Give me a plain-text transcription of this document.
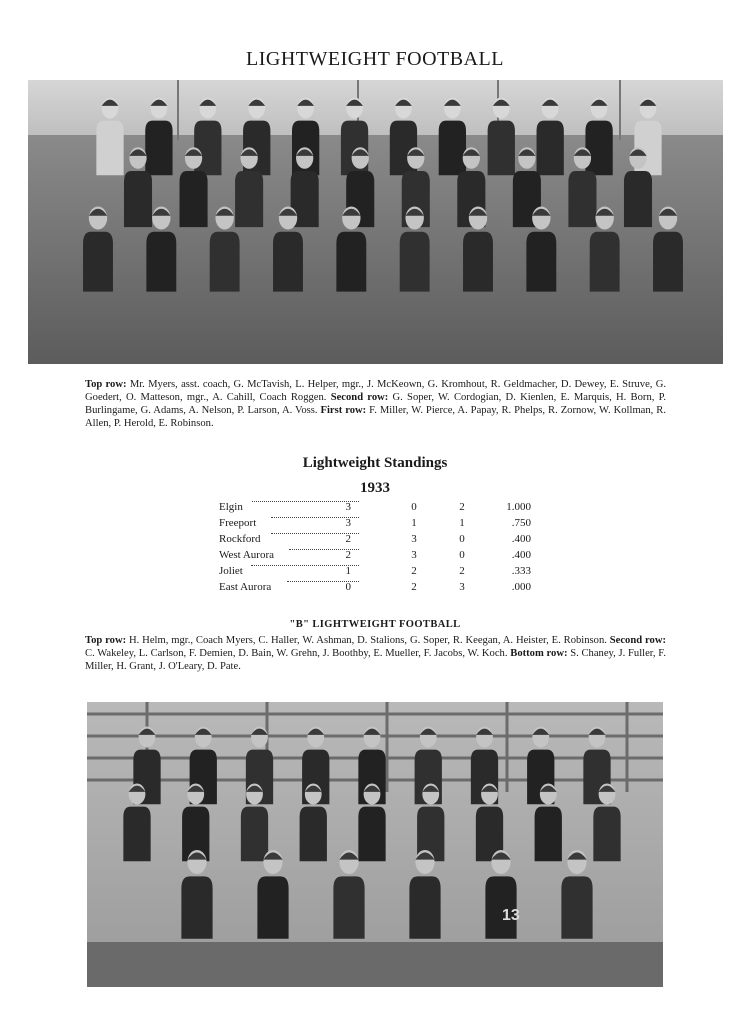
LIGHTWEIGHT FOOTBALL
Top row: Mr. Myers, asst. coach, G. McTavish, L. Helper, mgr., J. McKeown, G. Kromhout, R. Geldmacher, D. Dewey, E. Struve, G. Goedert, O. Matteson, mgr., A. Cahill, Coach Roggen. Second row: G. Soper, W. Cordogian, D. Kienlen, E. Marquis, H. Born, P. Burlingame, G. Adams, A. Nelson, P. Larson, A. Voss. First row: F. Miller, W. Pierce, A. Papay, R. Phelps, R. Zornow, W. Kollman, R. Allen, P. Herold, E. Robinson.
Lightweight Standings
1933
Elgin	3	0	2	1.000
Freeport	3	1	1	.750
Rockford	2	3	0	.400
West Aurora	2	3	0	.400
Joliet	1	2	2	.333
East Aurora	0	2	3	.000
"B" LIGHTWEIGHT FOOTBALL
Top row: H. Helm, mgr., Coach Myers, C. Haller, W. Ashman, D. Stalions, G. Soper, R. Keegan, A. Heister, E. Robinson. Second row: C. Wakeley, L. Carlson, F. Demien, D. Bain, W. Grehn, J. Boothby, E. Mueller, F. Jacobs, W. Koch. Bottom row: S. Chaney, J. Fuller, F. Miller, H. Grant, J. O'Leary, D. Pate.
13
